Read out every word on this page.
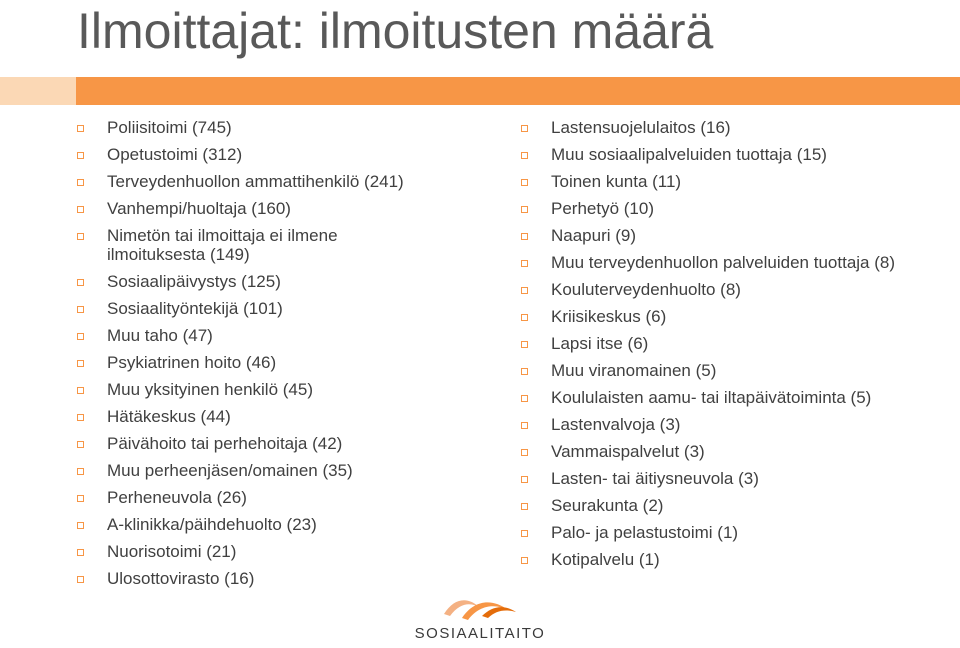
Ilmoittajat: ilmoitusten määrä
Poliisitoimi (745)
Opetustoimi (312)
Terveydenhuollon ammattihenkilö (241)
Vanhempi/huoltaja (160)
Nimetön tai ilmoittaja ei ilmene ilmoituksesta (149)
Sosiaalipäivystys (125)
Sosiaalityöntekijä (101)
Muu taho (47)
Psykiatrinen hoito (46)
Muu yksityinen henkilö (45)
Hätäkeskus (44)
Päivähoito tai perhehoitaja (42)
Muu perheenjäsen/omainen (35)
Perheneuvola (26)
A-klinikka/päihdehuolto (23)
Nuorisotoimi (21)
Ulosottovirasto (16)
Lastensuojelulaitos (16)
Muu sosiaalipalveluiden tuottaja (15)
Toinen kunta (11)
Perhetyö (10)
Naapuri (9)
Muu terveydenhuollon palveluiden tuottaja (8)
Kouluterveydenhuolto (8)
Kriisikeskus (6)
Lapsi itse (6)
Muu viranomainen (5)
Koululaisten aamu- tai iltapäivätoiminta (5)
Lastenvalvoja (3)
Vammaispalvelut (3)
Lasten- tai äitiysneuvola (3)
Seurakunta (2)
Palo- ja pelastustoimi (1)
Kotipalvelu (1)
SOSIAALITAITO
